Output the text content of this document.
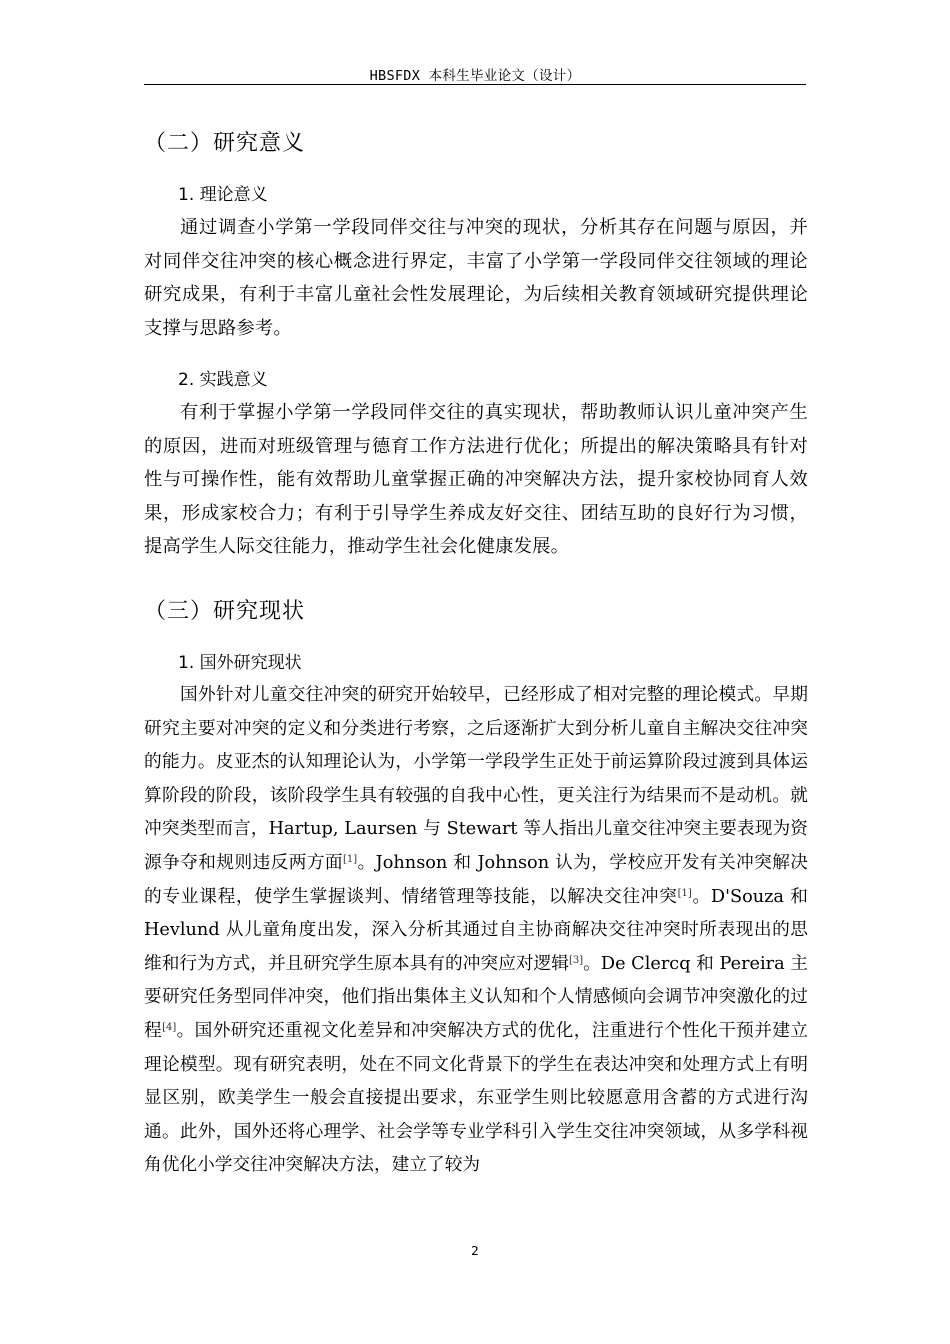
HBSFDX 本科生毕业论文（设计）
（二）研究意义
1. 理论意义

通过调查小学第一学段同伴交往与冲突的现状，分析其存在问题与原因，并对同伴交往冲突的核心概念进行界定，丰富了小学第一学段同伴交往领域的理论研究成果，有利于丰富儿童社会性发展理论，为后续相关教育领域研究提供理论支撑与思路参考。

2. 实践意义

有利于掌握小学第一学段同伴交往的真实现状，帮助教师认识儿童冲突产生的原因，进而对班级管理与德育工作方法进行优化；所提出的解决策略具有针对性与可操作性，能有效帮助儿童掌握正确的冲突解决方法，提升家校协同育人效果，形成家校合力；有利于引导学生养成友好交往、团结互助的良好行为习惯，提高学生人际交往能力，推动学生社会化健康发展。

（三）研究现状
1. 国外研究现状

国外针对儿童交往冲突的研究开始较早，已经形成了相对完整的理论模式。早期研究主要对冲突的定义和分类进行考察，之后逐渐扩大到分析儿童自主解决交往冲突的能力。皮亚杰的认知理论认为，小学第一学段学生正处于前运算阶段过渡到具体运算阶段的阶段，该阶段学生具有较强的自我中心性，更关注行为结果而不是动机。就冲突类型而言，Hartup, Laursen 与 Stewart 等人指出儿童交往冲突主要表现为资源争夺和规则违反两方面[1]。Johnson 和 Johnson 认为，学校应开发有关冲突解决的专业课程，使学生掌握谈判、情绪管理等技能，以解决交往冲突[1]。D'Souza 和 Hevlund 从儿童角度出发，深入分析其通过自主协商解决交往冲突时所表现出的思维和行为方式，并且研究学生原本具有的冲突应对逻辑[3]。De Clercq 和 Pereira 主要研究任务型同伴冲突，他们指出集体主义认知和个人情感倾向会调节冲突激化的过程[4]。国外研究还重视文化差异和冲突解决方式的优化，注重进行个性化干预并建立理论模型。现有研究表明，处在不同文化背景下的学生在表达冲突和处理方式上有明显区别，欧美学生一般会直接提出要求，东亚学生则比较愿意用含蓄的方式进行沟通。此外，国外还将心理学、社会学等专业学科引入学生交往冲突领域，从多学科视角优化小学交往冲突解决方法，建立了较为

2
